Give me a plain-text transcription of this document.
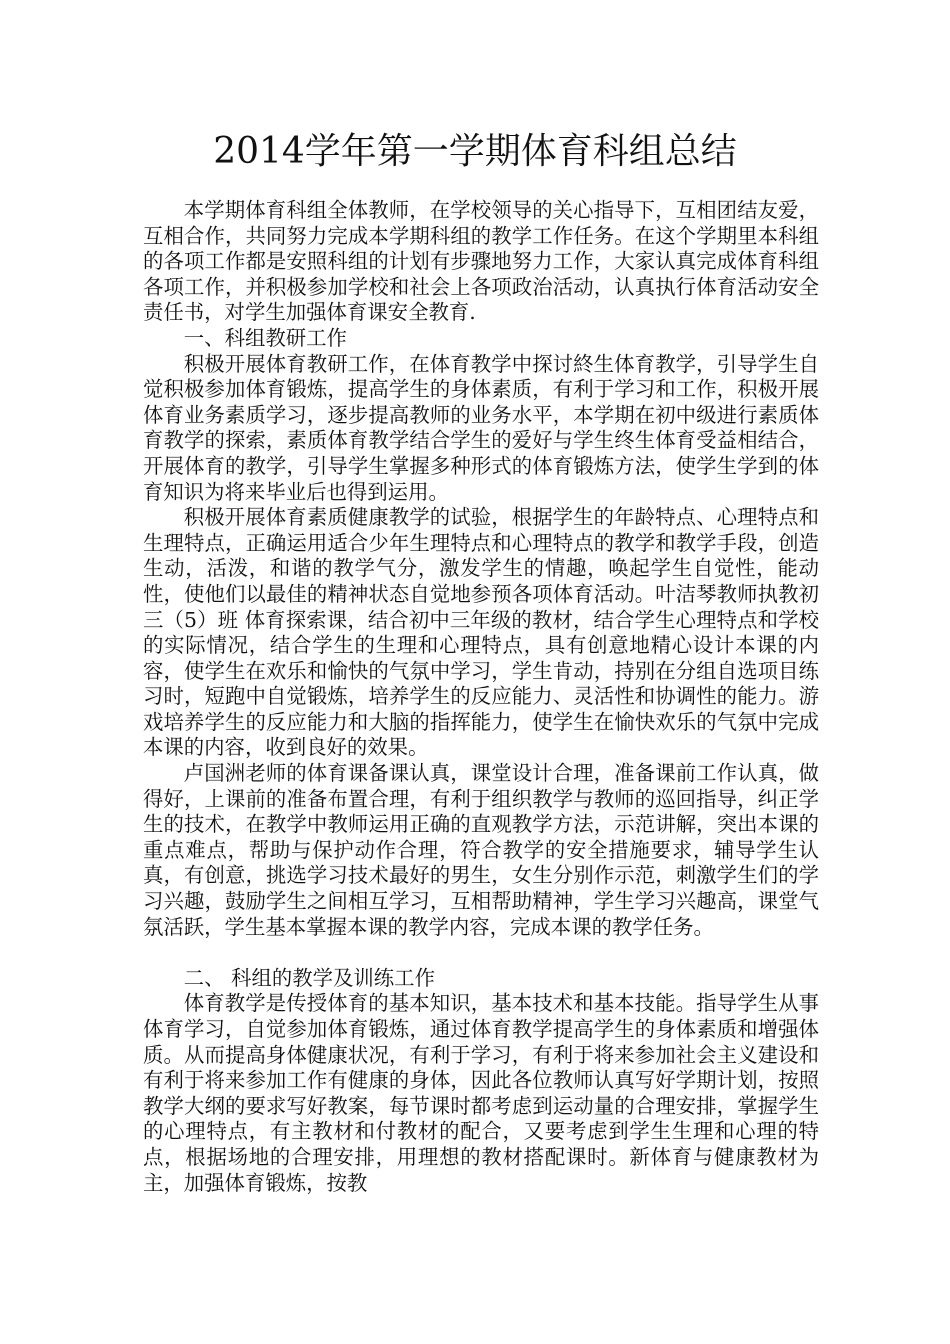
2014学年第一学期体育科组总结

本学期体育科组全体教师，在学校领导的关心指导下，互相团结友爱，互相合作，共同努力完成本学期科组的教学工作任务。在这个学期里本科组的各项工作都是安照科组的计划有步骤地努力工作，大家认真完成体育科组各项工作，并积极参加学校和社会上各项政治活动，认真执行体育活动安全责任书，对学生加强体育课安全教育.

一、科组教研工作

积极开展体育教研工作，在体育教学中探讨終生体育教学，引导学生自觉积极参加体育锻炼，提高学生的身体素质，有利于学习和工作，积极开展体育业务素质学习，逐步提高教师的业务水平，本学期在初中级进行素质体育教学的探索，素质体育教学结合学生的爱好与学生终生体育受益相结合，开展体育的教学，引导学生掌握多种形式的体育锻炼方法，使学生学到的体育知识为将来毕业后也得到运用。

积极开展体育素质健康教学的试验，根据学生的年龄特点、心理特点和生理特点，正确运用适合少年生理特点和心理特点的教学和教学手段，创造生动，活泼，和谐的教学气分，激发学生的情趣，唤起学生自觉性，能动性，使他们以最佳的精神状态自觉地参预各项体育活动。叶洁琴教师执教初三（5）班 体育探索课，结合初中三年级的教材，结合学生心理特点和学校的实际情况，结合学生的生理和心理特点，具有创意地精心设计本课的内容，使学生在欢乐和愉快的气氛中学习，学生肯动，持别在分组自选项目练习时，短跑中自觉锻炼，培养学生的反应能力、灵活性和协调性的能力。游戏培养学生的反应能力和大脑的指挥能力，使学生在愉快欢乐的气氛中完成本课的内容，收到良好的效果。

卢国洲老师的体育课备课认真，课堂设计合理，准备课前工作认真，做得好，上课前的准备布置合理，有利于组织教学与教师的巡回指导，纠正学生的技术，在教学中教师运用正确的直观教学方法，示范讲解，突出本课的重点难点，帮助与保护动作合理，符合教学的安全措施要求，辅导学生认真，有创意，挑选学习技术最好的男生，女生分别作示范，刺激学生们的学习兴趣，鼓励学生之间相互学习，互相帮助精神，学生学习兴趣高，课堂气氛活跃，学生基本掌握本课的教学内容，完成本课的教学任务。

二、 科组的教学及训练工作

体育教学是传授体育的基本知识，基本技术和基本技能。指导学生从事体育学习，自觉参加体育锻炼，通过体育教学提高学生的身体素质和增强体质。从而提高身体健康状况，有利于学习，有利于将来参加社会主义建设和有利于将来参加工作有健康的身体，因此各位教师认真写好学期计划，按照教学大纲的要求写好教案，每节课时都考虑到运动量的合理安排，掌握学生的心理特点，有主教材和付教材的配合，又要考虑到学生生理和心理的特点，根据场地的合理安排，用理想的教材搭配课时。新体育与健康教材为主，加强体育锻炼，按教
